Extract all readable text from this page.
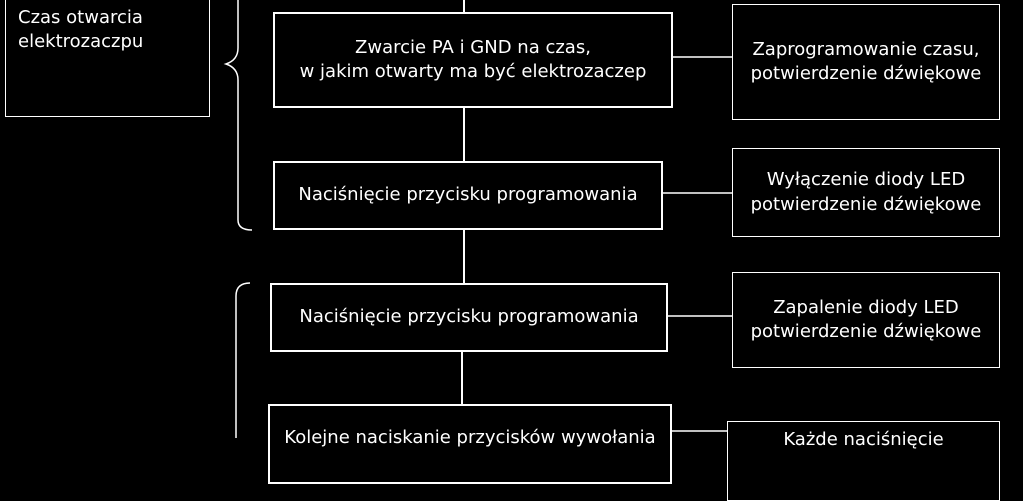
Czas otwarcia
elektrozaczpu	Zwarcie PA i GND na czas,
w jakim otwarty ma być elektrozaczep
Zaprogramowanie czasu,
potwierdzenie dźwiękowe
Naciśnięcie przycisku programowania
Wyłączenie diody LED
potwierdzenie dźwiękowe
Naciśnięcie przycisku programowania	Zapalenie diody LED
potwierdzenie dźwiękowe
Kolejne naciskanie przycisków wywołania	Każde naciśnięcie
